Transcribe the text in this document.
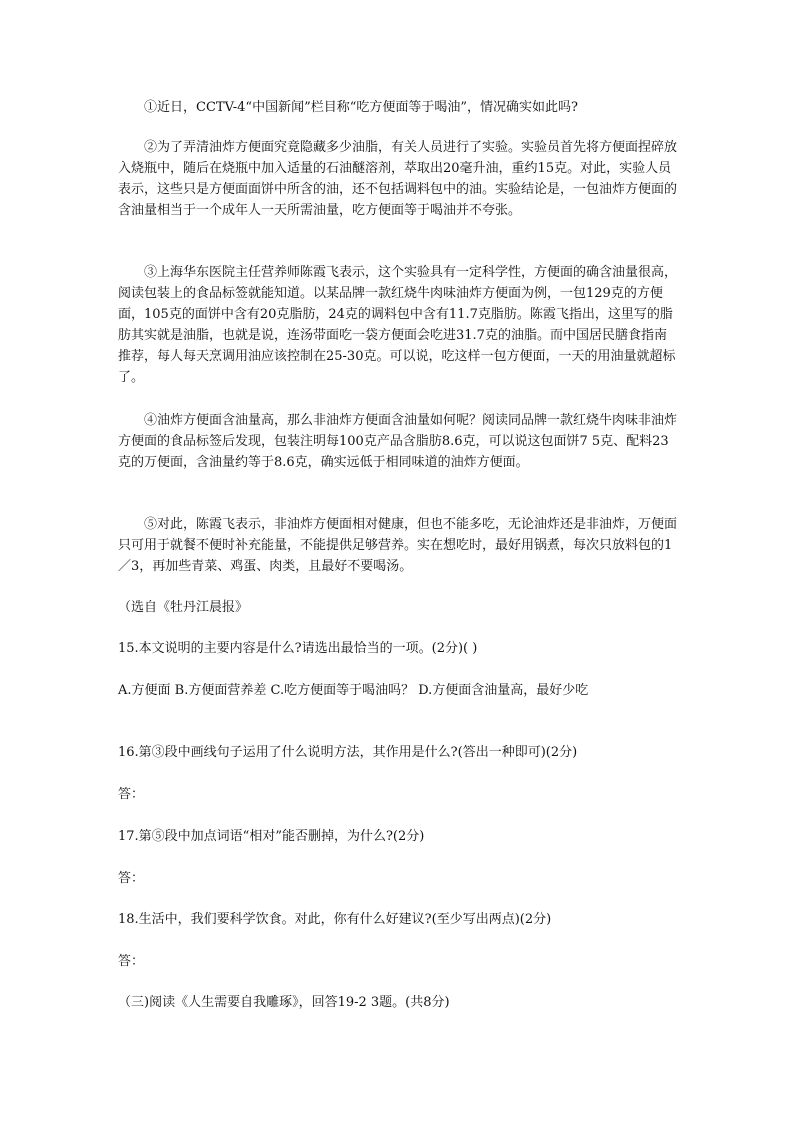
①近日，CCTV-4“中国新闻”栏目称“吃方便面等于喝油”，情况确实如此吗?

②为了弄清油炸方便面究竟隐藏多少油脂，有关人员进行了实验。实验员首先将方便面捏碎放入烧瓶中，随后在烧瓶中加入适量的石油醚溶剂，萃取出20毫升油，重约15克。对此，实验人员表示，这些只是方便面面饼中所含的油，还不包括调料包中的油。实验结论是，一包油炸方便面的含油量相当于一个成年人一天所需油量，吃方便面等于喝油并不夸张。

③上海华东医院主任营养师陈霞飞表示，这个实验具有一定科学性，方便面的确含油量很高，阅读包装上的食品标签就能知道。以某品牌一款红烧牛肉味油炸方便面为例，一包129克的方便面，105克的面饼中含有20克脂肪，24克的调料包中含有11.7克脂肪。陈霞飞指出，这里写的脂肪其实就是油脂，也就是说，连汤带面吃一袋方便面会吃进31.7克的油脂。而中国居民膳食指南推荐，每人每天烹调用油应该控制在25-30克。可以说，吃这样一包方便面，一天的用油量就超标了。

④油炸方便面含油量高，那么非油炸方便面含油量如何呢？阅读同品牌一款红烧牛肉味非油炸方便面的食品标签后发现，包装注明每100克产品含脂肪8.6克，可以说这包面饼7 5克、配料23克的万便面，含油量约等于8.6克，确实远低于相同味道的油炸方便面。

⑤对此，陈霞飞表示，非油炸方便面相对健康，但也不能多吃，无论油炸还是非油炸，万便面只可用于就餐不便时补充能量，不能提供足够营养。实在想吃时，最好用锅煮，每次只放料包的1／3，再加些青菜、鸡蛋、肉类，且最好不要喝汤。

（选自《牡丹江晨报》

15.本文说明的主要内容是什么?请选出最恰当的一项。(2分)( )

A.方便面 B.方便面营养差 C.吃方便面等于喝油吗？ D.方便面含油量高，最好少吃

16.第③段中画线句子运用了什么说明方法，其作用是什么?(答出一种即可)(2分)

答：

17.第⑤段中加点词语“相对”能否删掉，为什么?(2分)

答：

18.生活中，我们要科学饮食。对此，你有什么好建议?(至少写出两点)(2分)

答：

（三)阅读《人生需要自我雕琢》，回答19-2 3题。(共8分)
